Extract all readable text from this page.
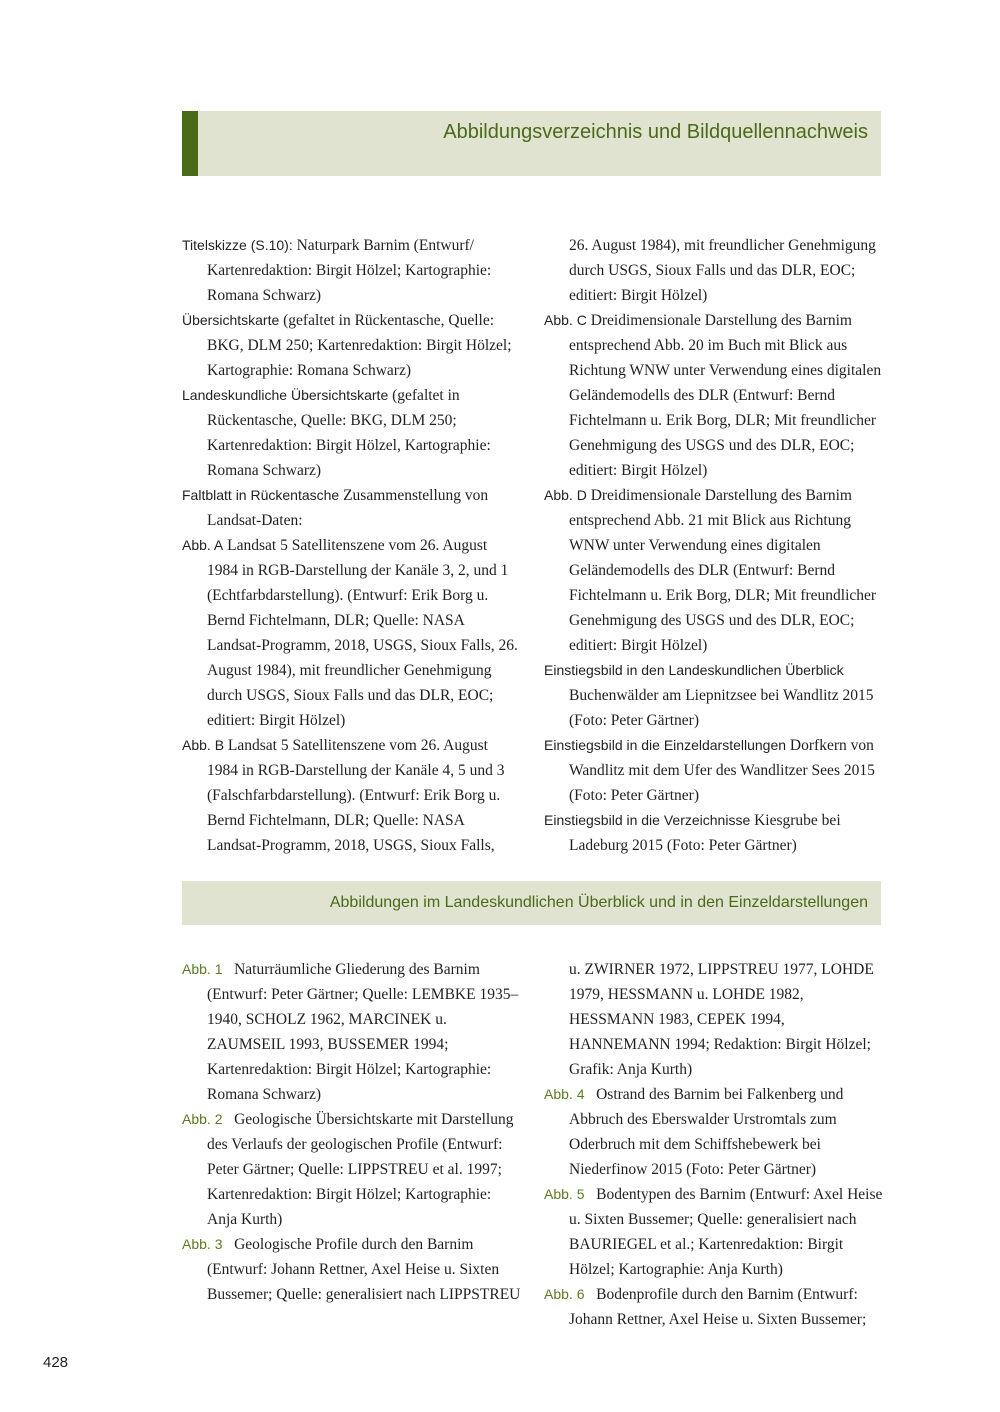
Abbildungsverzeichnis und Bildquellennachweis

Titelskizze (S.10): Naturpark Barnim (Entwurf/ Kartenredaktion: Birgit Hölzel; Kartographie: Romana Schwarz)

Übersichtskarte (gefaltet in Rückentasche, Quelle: BKG, DLM 250; Kartenredaktion: Birgit Hölzel; Kartographie: Romana Schwarz)

Landeskundliche Übersichtskarte (gefaltet in Rückentasche, Quelle: BKG, DLM 250; Kartenredaktion: Birgit Hölzel, Kartographie: Romana Schwarz)

Faltblatt in Rückentasche Zusammenstellung von Landsat-Daten:

Abb. A Landsat 5 Satellitenszene vom 26. August 1984 in RGB-Darstellung der Kanäle 3, 2, und 1 (Echtfarbdarstellung). (Entwurf: Erik Borg u. Bernd Fichtelmann, DLR; Quelle: NASA Landsat-Programm, 2018, USGS, Sioux Falls, 26. August 1984), mit freundlicher Genehmigung durch USGS, Sioux Falls und das DLR, EOC; editiert: Birgit Hölzel)

Abb. B Landsat 5 Satellitenszene vom 26. August 1984 in RGB-Darstellung der Kanäle 4, 5 und 3 (Falschfarbdarstellung). (Entwurf: Erik Borg u. Bernd Fichtelmann, DLR; Quelle: NASA Landsat-Programm, 2018, USGS, Sioux Falls,

26. August 1984), mit freundlicher Genehmigung durch USGS, Sioux Falls und das DLR, EOC; editiert: Birgit Hölzel)

Abb. C Dreidimensionale Darstellung des Barnim entsprechend Abb. 20 im Buch mit Blick aus Richtung WNW unter Verwendung eines digitalen Geländemodells des DLR (Entwurf: Bernd Fichtelmann u. Erik Borg, DLR; Mit freundlicher Genehmigung des USGS und des DLR, EOC; editiert: Birgit Hölzel)

Abb. D Dreidimensionale Darstellung des Barnim entsprechend Abb. 21 mit Blick aus Richtung WNW unter Verwendung eines digitalen Geländemodells des DLR (Entwurf: Bernd Fichtelmann u. Erik Borg, DLR; Mit freundlicher Genehmigung des USGS und des DLR, EOC; editiert: Birgit Hölzel)

Einstiegsbild in den Landeskundlichen Überblick Buchenwälder am Liepnitzsee bei Wandlitz 2015 (Foto: Peter Gärtner)

Einstiegsbild in die Einzeldarstellungen Dorfkern von Wandlitz mit dem Ufer des Wandlitzer Sees 2015 (Foto: Peter Gärtner)

Einstiegsbild in die Verzeichnisse Kiesgrube bei Ladeburg 2015 (Foto: Peter Gärtner)

Abbildungen im Landeskundlichen Überblick und in den Einzeldarstellungen

Abb. 1   Naturräumliche Gliederung des Barnim (Entwurf: Peter Gärtner; Quelle: LEMBKE 1935–1940, SCHOLZ 1962, MARCINEK u. ZAUMSEIL 1993, BUSSEMER 1994; Kartenredaktion: Birgit Hölzel; Kartographie: Romana Schwarz)

Abb. 2   Geologische Übersichtskarte mit Darstellung des Verlaufs der geologischen Profile (Entwurf: Peter Gärtner; Quelle: LIPPSTREU et al. 1997; Kartenredaktion: Birgit Hölzel; Kartographie: Anja Kurth)

Abb. 3   Geologische Profile durch den Barnim (Entwurf: Johann Rettner, Axel Heise u. Sixten Bussemer; Quelle: generalisiert nach LIPPSTREU

u. ZWIRNER 1972, LIPPSTREU 1977, LOHDE 1979, HESSMANN u. LOHDE 1982, HESSMANN 1983, CEPEK 1994, HANNEMANN 1994; Redaktion: Birgit Hölzel; Grafik: Anja Kurth)

Abb. 4   Ostrand des Barnim bei Falkenberg und Abbruch des Eberswalder Urstromtals zum Oderbruch mit dem Schiffshebewerk bei Niederfinow 2015 (Foto: Peter Gärtner)

Abb. 5   Bodentypen des Barnim (Entwurf: Axel Heise u. Sixten Bussemer; Quelle: generalisiert nach BAURIEGEL et al.; Kartenredaktion: Birgit Hölzel; Kartographie: Anja Kurth)

Abb. 6   Bodenprofile durch den Barnim (Entwurf: Johann Rettner, Axel Heise u. Sixten Bussemer;

428
